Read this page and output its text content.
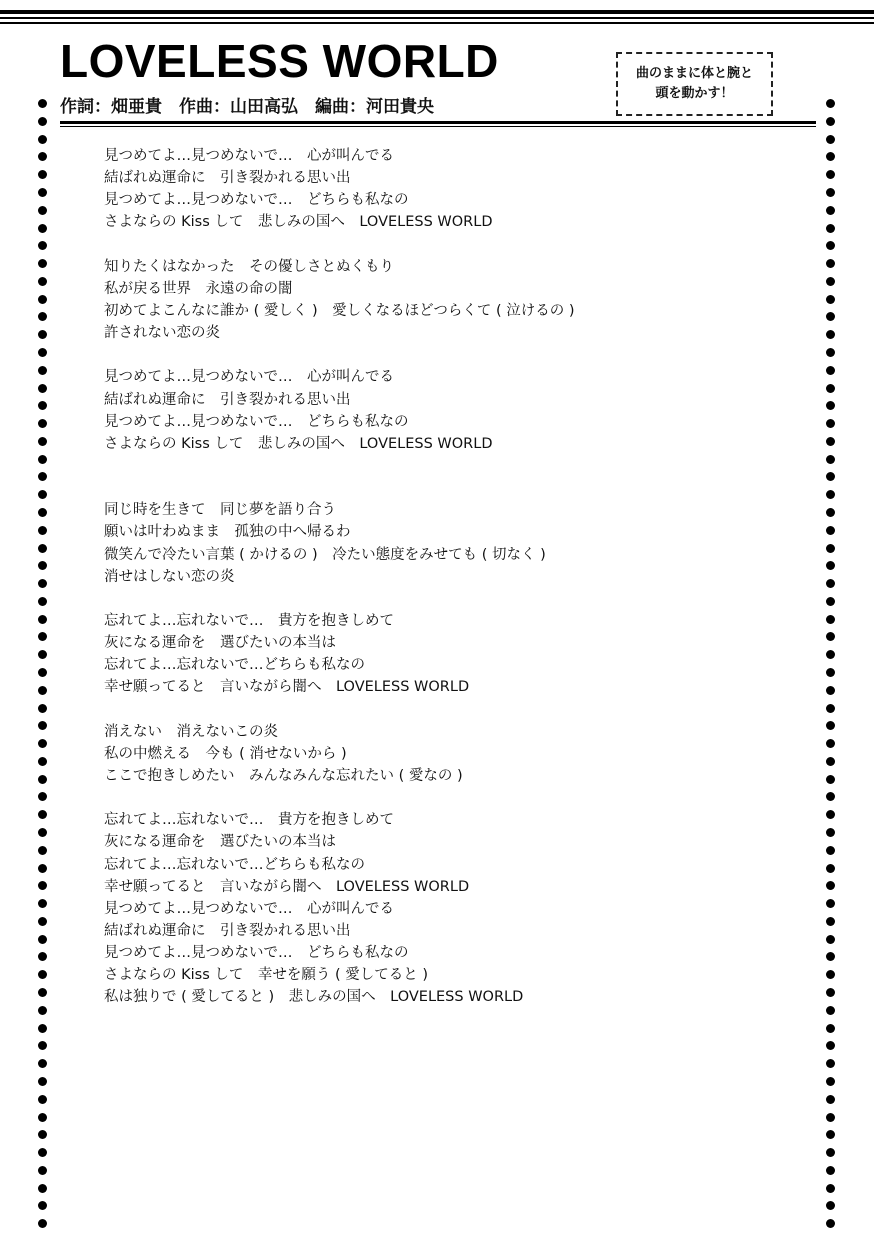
LOVELESS WORLD
作詞：畑亜貴　作曲：山田高弘　編曲：河田貴央
曲のままに体と腕と
頭を動かす！
見つめてよ…見つめないで…　心が叫んでる
結ばれぬ運命に　引き裂かれる思い出
見つめてよ…見つめないで…　どちらも私なの
さよならの Kiss して　悲しみの国へ　LOVELESS WORLD
知りたくはなかった　その優しさとぬくもり
私が戻る世界　永遠の命の闇
初めてよこんなに誰か ( 愛しく )　愛しくなるほどつらくて ( 泣けるの )
許されない恋の炎
見つめてよ…見つめないで…　心が叫んでる
結ばれぬ運命に　引き裂かれる思い出
見つめてよ…見つめないで…　どちらも私なの
さよならの Kiss して　悲しみの国へ　LOVELESS WORLD
同じ時を生きて　同じ夢を語り合う
願いは叶わぬまま　孤独の中へ帰るわ
微笑んで冷たい言葉 ( かけるの )　冷たい態度をみせても ( 切なく )
消せはしない恋の炎
忘れてよ…忘れないで…　貴方を抱きしめて
灰になる運命を　選びたいの本当は
忘れてよ…忘れないで…どちらも私なの
幸せ願ってると　言いながら闇へ　LOVELESS WORLD
消えない　消えないこの炎
私の中燃える　今も ( 消せないから )
ここで抱きしめたい　みんなみんな忘れたい ( 愛なの )
忘れてよ…忘れないで…　貴方を抱きしめて
灰になる運命を　選びたいの本当は
忘れてよ…忘れないで…どちらも私なの
幸せ願ってると　言いながら闇へ　LOVELESS WORLD
見つめてよ…見つめないで…　心が叫んでる
結ばれぬ運命に　引き裂かれる思い出
見つめてよ…見つめないで…　どちらも私なの
さよならの Kiss して　幸せを願う ( 愛してると )
私は独りで ( 愛してると )　悲しみの国へ　LOVELESS WORLD
